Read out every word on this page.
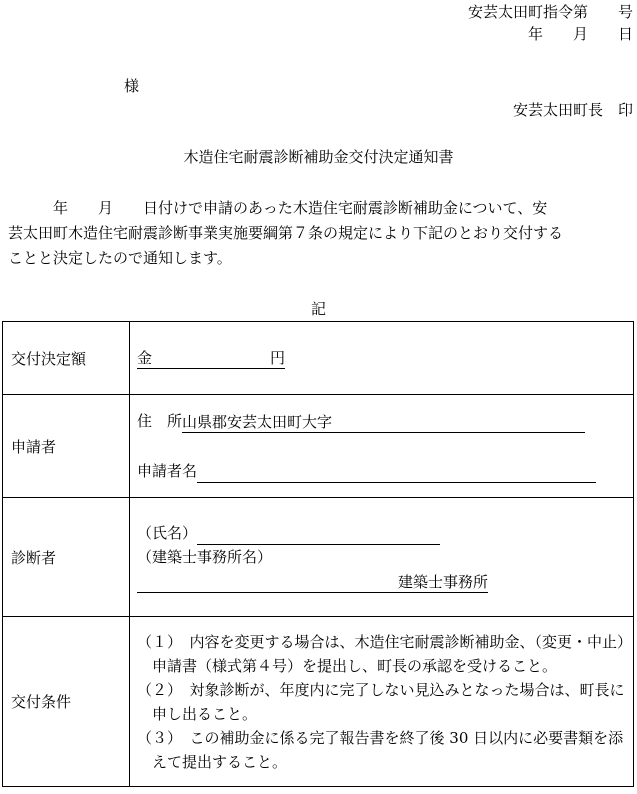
安芸太田町指令第　　号
年　　月　　日
様
安芸太田町長　印
木造住宅耐震診断補助金交付決定通知書

　　　年　　月　　日付けで申請のあった木造住宅耐震診断補助金について、安

芸太田町木造住宅耐震診断事業実施要綱第７条の規定により下記のとおり交付する

ことと決定したので通知します。

記
交付決定額	金 円

申請者	住　所山県郡安芸太田町大字
申請者名

診断者	（氏名）
（建築士事務所名）
建築士事務所

交付条件	（１）　内容を変更する場合は、木造住宅耐震診断補助金、（変更・中止）申請書（様式第４号）を提出し、町長の承認を受けること。
（２）　対象診断が、年度内に完了しない見込みとなった場合は、町長に申し出ること。
（３）　この補助金に係る完了報告書を終了後 30 日以内に必要書類を添えて提出すること。
